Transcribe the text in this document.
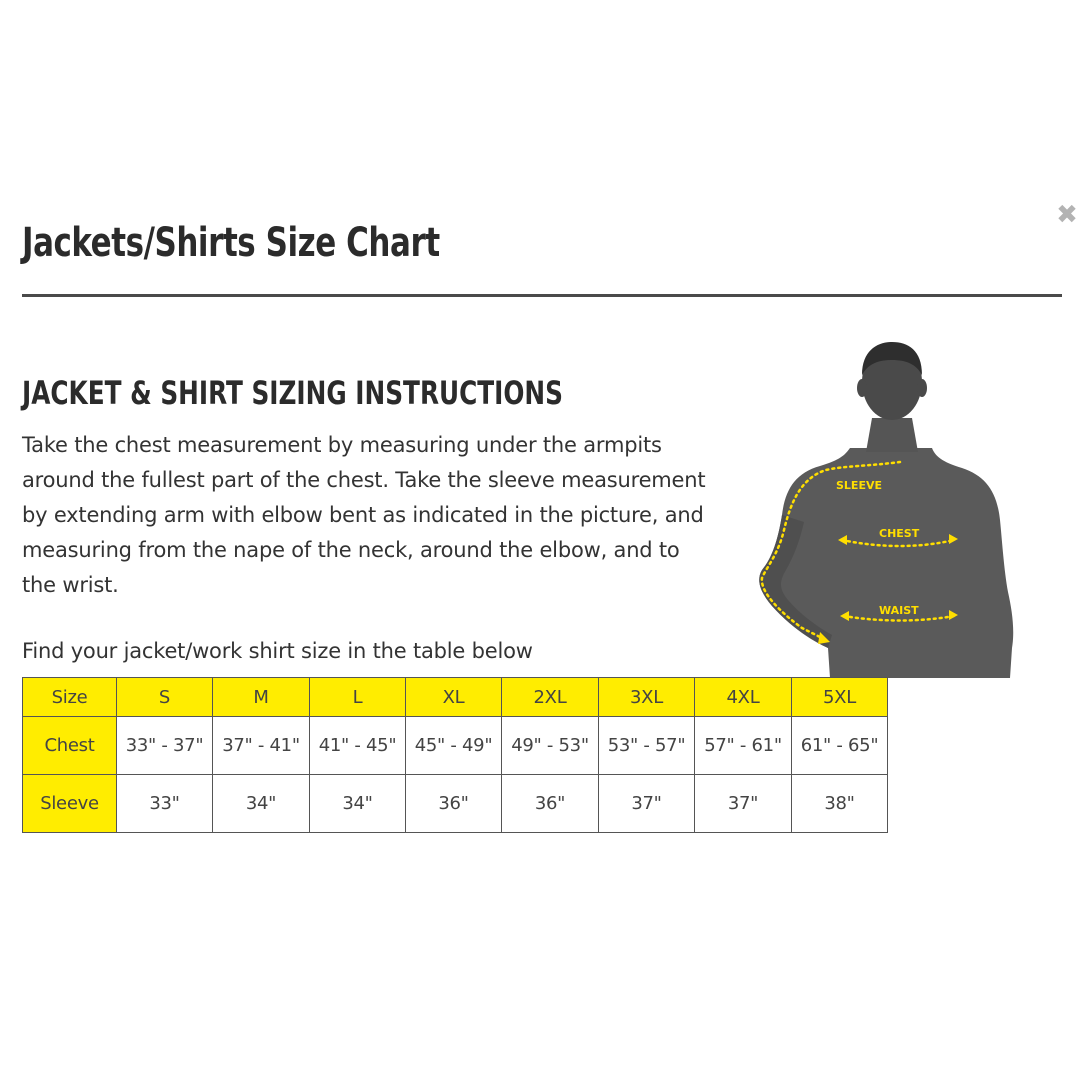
✖
Jackets/Shirts Size Chart
JACKET & SHIRT SIZING INSTRUCTIONS

Take the chest measurement by measuring under the armpits around the fullest part of the chest. Take the sleeve measurement by extending arm with elbow bent as indicated in the picture, and measuring from the nape of the neck, around the elbow, and to the wrist.

Find your jacket/work shirt size in the table below

SLEEVE
CHEST
WAIST
Size	S	M	L	XL	2XL	3XL	4XL	5XL
Chest	33" - 37"	37" - 41"	41" - 45"	45" - 49"	49" - 53"	53" - 57"	57" - 61"	61" - 65"
Sleeve	33"	34"	34"	36"	36"	37"	37"	38"
